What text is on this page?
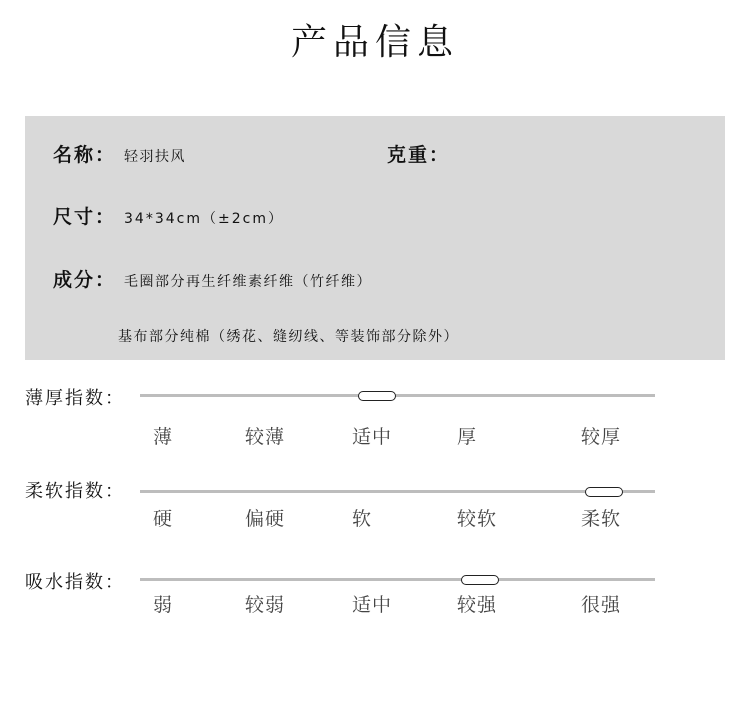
产品信息
名称： 轻羽扶风	克重：
尺寸： 34*34cm（±2cm）
成分： 毛圈部分再生纤维素纤维（竹纤维）
基布部分纯棉（绣花、缝纫线、等装饰部分除外）
薄厚指数：
薄	较薄	适中	厚	较厚
柔软指数：
硬	偏硬	软	较软	柔软
吸水指数：
弱	较弱	适中	较强	很强
